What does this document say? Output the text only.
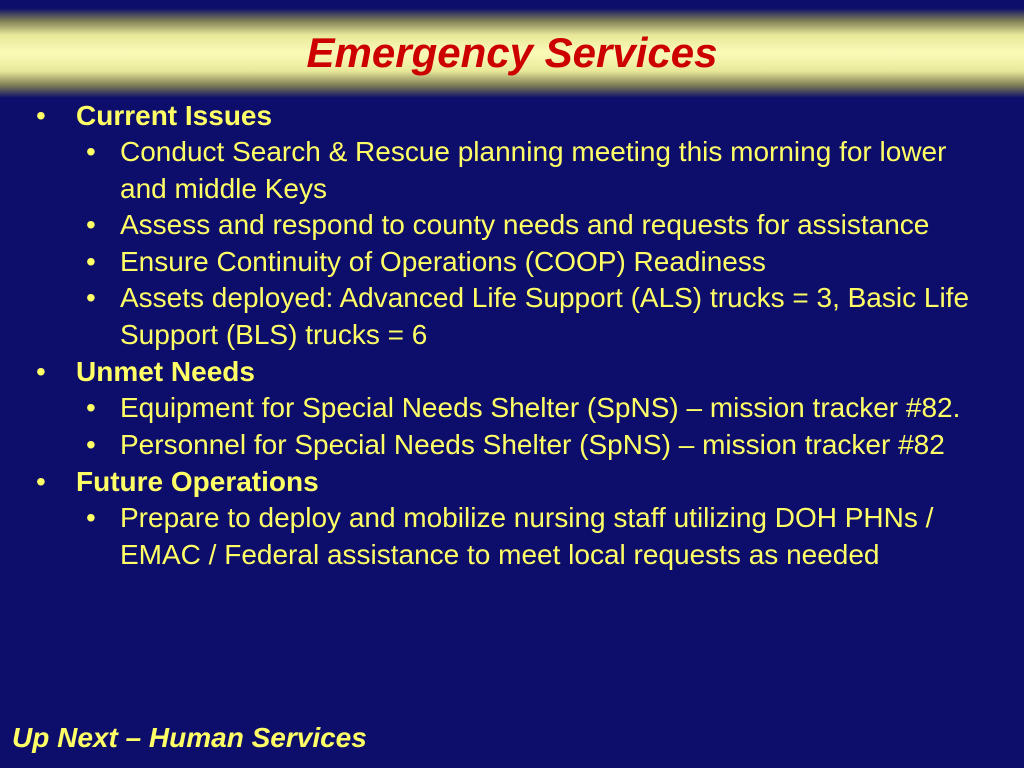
Emergency Services
• Current Issues
• Conduct Search & Rescue planning meeting this morning for lower and middle Keys
• Assess and respond to county needs and requests for assistance
• Ensure Continuity of Operations (COOP) Readiness
• Assets deployed: Advanced Life Support (ALS) trucks = 3, Basic Life Support (BLS) trucks = 6
• Unmet Needs
• Equipment for Special Needs Shelter (SpNS) – mission tracker #82.
• Personnel for Special Needs Shelter (SpNS) – mission tracker #82
• Future Operations
• Prepare to deploy and mobilize nursing staff utilizing DOH PHNs / EMAC / Federal assistance to meet local requests as needed

Up Next – Human Services
